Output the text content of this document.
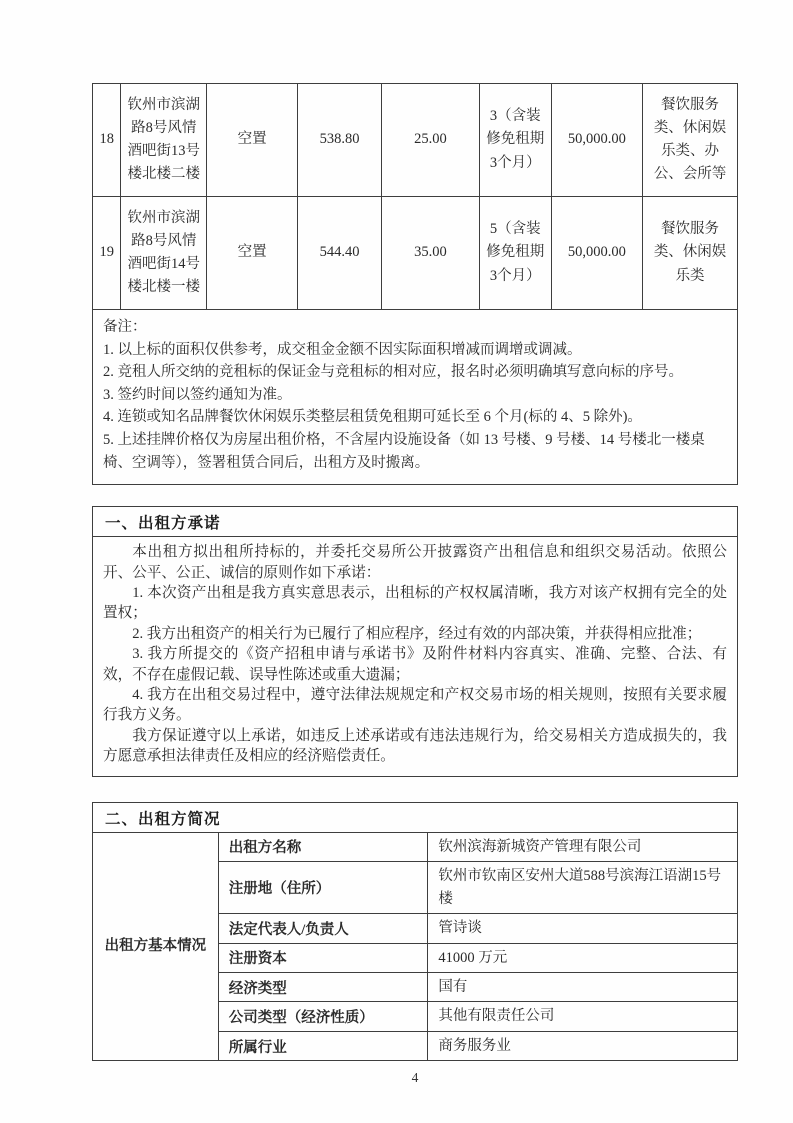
18	钦州市滨湖路8号风情酒吧街13号楼北楼二楼	空置	538.80	25.00	3（含装修免租期3个月）	50,000.00	餐饮服务类、休闲娱乐类、办公、会所等
19	钦州市滨湖路8号风情酒吧街14号楼北楼一楼	空置	544.40	35.00	5（含装修免租期3个月）	50,000.00	餐饮服务类、休闲娱乐类

备注：
1. 以上标的面积仅供参考，成交租金金额不因实际面积增减而调增或调减。
2. 竞租人所交纳的竞租标的保证金与竞租标的相对应，报名时必须明确填写意向标的序号。
3. 签约时间以签约通知为准。
4. 连锁或知名品牌餐饮休闲娱乐类整层租赁免租期可延长至 6 个月(标的 4、5 除外)。
5. 上述挂牌价格仅为房屋出租价格，不含屋内设施设备（如 13 号楼、9 号楼、14 号楼北一楼桌椅、空调等），签署租赁合同后，出租方及时搬离。
一、出租方承诺

本出租方拟出租所持标的，并委托交易所公开披露资产出租信息和组织交易活动。依照公开、公平、公正、诚信的原则作如下承诺：

1. 本次资产出租是我方真实意思表示，出租标的产权权属清晰，我方对该产权拥有完全的处置权；

2. 我方出租资产的相关行为已履行了相应程序，经过有效的内部决策，并获得相应批准；

3. 我方所提交的《资产招租申请与承诺书》及附件材料内容真实、准确、完整、合法、有效，不存在虚假记载、误导性陈述或重大遗漏；

4. 我方在出租交易过程中，遵守法律法规规定和产权交易市场的相关规则，按照有关要求履行我方义务。

我方保证遵守以上承诺，如违反上述承诺或有违法违规行为，给交易相关方造成损失的，我方愿意承担法律责任及相应的经济赔偿责任。

二、出租方简况
出租方基本情况	出租方名称	钦州滨海新城资产管理有限公司
	注册地（住所）	钦州市钦南区安州大道588号滨海江语湖15号楼
	法定代表人/负责人	管诗谈
	注册资本	41000 万元
	经济类型	国有
	公司类型（经济性质）	其他有限责任公司
	所属行业	商务服务业
4
